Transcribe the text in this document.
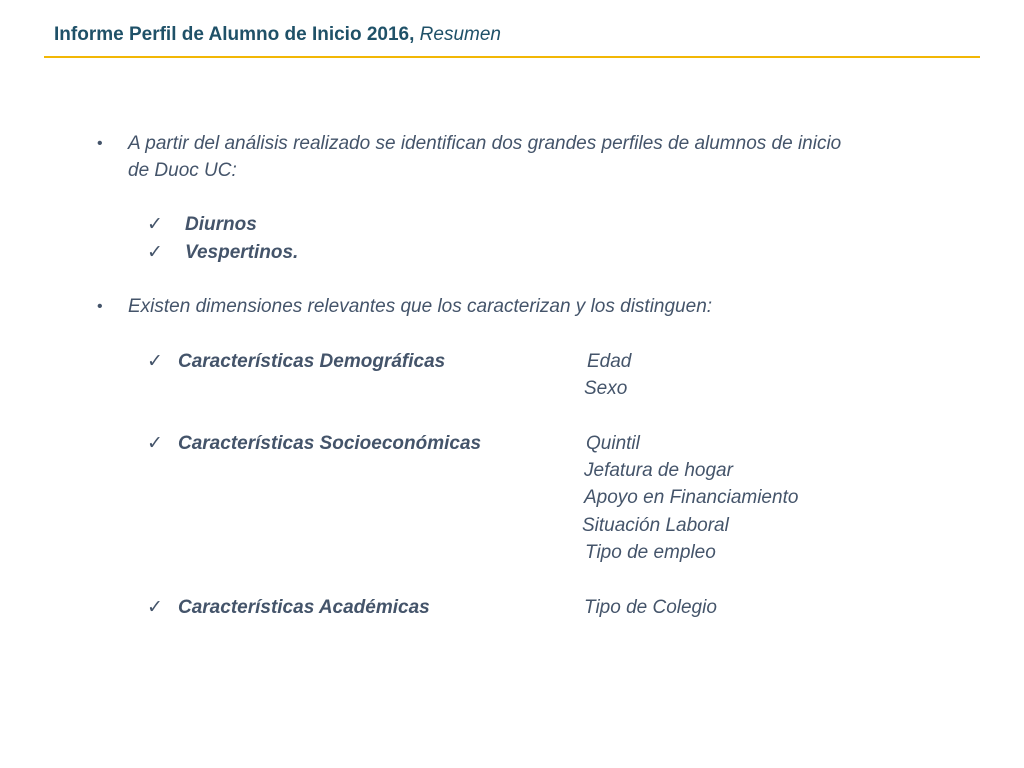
Informe Perfil de Alumno de Inicio 2016, Resumen
• A partir del análisis realizado se identifican dos grandes perfiles de alumnos de inicio
de Duoc UC:
✓ Diurnos
✓ Vespertinos.
• Existen dimensiones relevantes que los caracterizan y los distinguen:
✓ Características Demográficas	Edad
Sexo
✓ Características Socioeconómicas	Quintil
Jefatura de hogar
Apoyo en Financiamiento
Situación Laboral
Tipo de empleo
✓ Características Académicas	Tipo de Colegio
